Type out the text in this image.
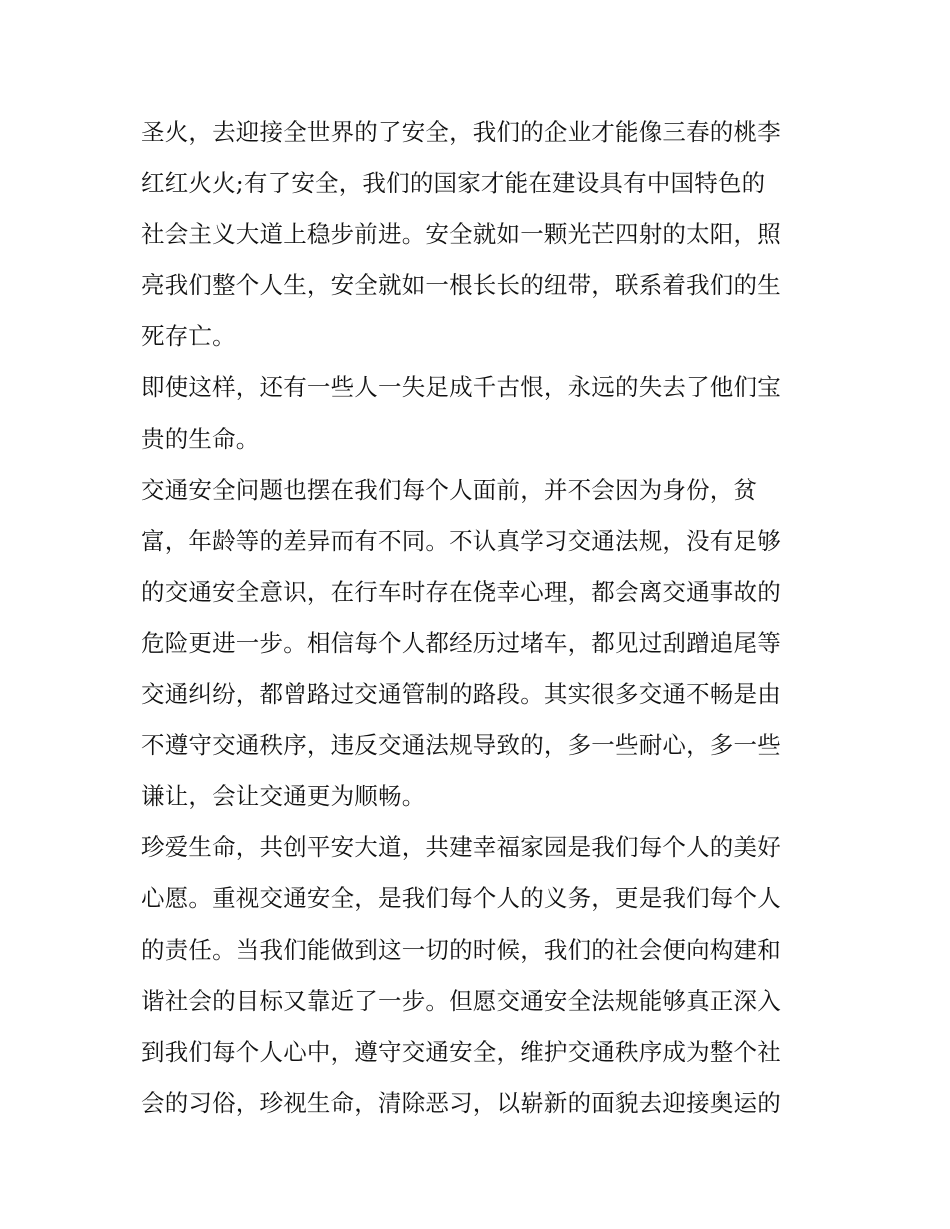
圣火，去迎接全世界的了安全，我们的企业才能像三春的桃李
红红火火;有了安全，我们的国家才能在建设具有中国特色的
社会主义大道上稳步前进。安全就如一颗光芒四射的太阳，照
亮我们整个人生，安全就如一根长长的纽带，联系着我们的生
死存亡。

即使这样，还有一些人一失足成千古恨，永远的失去了他们宝
贵的生命。

交通安全问题也摆在我们每个人面前，并不会因为身份，贫
富，年龄等的差异而有不同。不认真学习交通法规，没有足够
的交通安全意识，在行车时存在侥幸心理，都会离交通事故的
危险更进一步。相信每个人都经历过堵车，都见过刮蹭追尾等
交通纠纷，都曾路过交通管制的路段。其实很多交通不畅是由
不遵守交通秩序，违反交通法规导致的，多一些耐心，多一些
谦让，会让交通更为顺畅。

珍爱生命，共创平安大道，共建幸福家园是我们每个人的美好
心愿。重视交通安全，是我们每个人的义务，更是我们每个人
的责任。当我们能做到这一切的时候，我们的社会便向构建和
谐社会的目标又靠近了一步。但愿交通安全法规能够真正深入
到我们每个人心中，遵守交通安全，维护交通秩序成为整个社
会的习俗，珍视生命，清除恶习，以崭新的面貌去迎接奥运的
